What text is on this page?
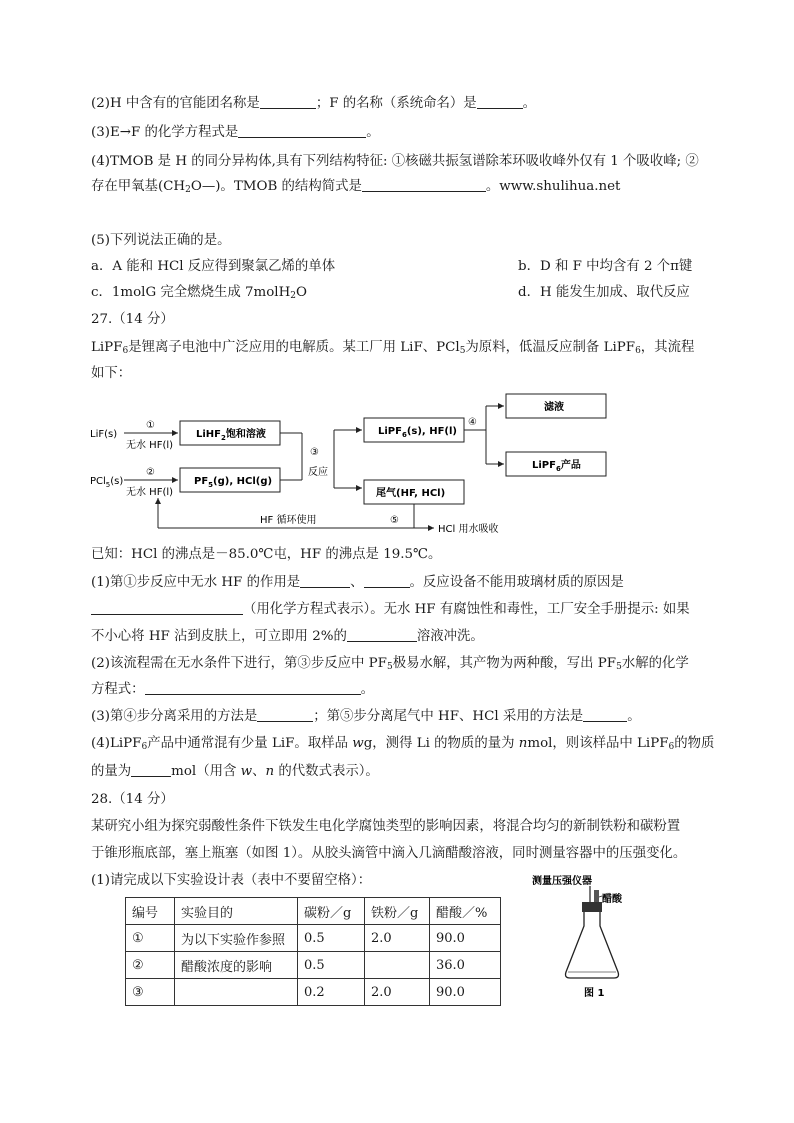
(2)H 中含有的官能团名称是	；F 的名称（系统命名）是	。
(3)E→F 的化学方程式是	。
(4)TMOB 是 H 的同分异构体,具有下列结构特征: ①核磁共振氢谱除苯环吸收峰外仅有 1 个吸收峰; ②
存在甲氧基$(CH_2O—)$。TMOB 的结构简式是	。www.shulihua.net
(5)下列说法正确的是。
a．A 能和 HCl 反应得到聚氯乙烯的单体	b．D 和 F 中均含有 2 个π键
c．1molG 完全燃烧生成 7molH$_2$O	d．H 能发生加成、取代反应
27.（14 分）
LiPF$_6$是锂离子电池中广泛应用的电解质。某工厂用 LiF、PCl$_5$为原料，低温反应制备 LiPF$_6$，其流程
如下：
LiF(s)
PCl$_5$(s)
①
无水 HF(l)
②
无水 HF(l)
LiHF$_2$饱和溶液
$PF_5(g)$, HCl(g)
③
反应
LiPF$_6$(s), HF(l)
尾气(HF, HCl)
④
滤液
LiPF$_6$产品
HF 循环使用	⑤
HCl 用水吸收
已知：HCl 的沸点是－85.0℃屯，HF 的沸点是 19.5℃。
(1)第①步反应中无水 HF 的作用是	、	。反应设备不能用玻璃材质的原因是
（用化学方程式表示）。无水 HF 有腐蚀性和毒性，工厂安全手册提示: 如果
不小心将 HF 沾到皮肤上，可立即用 2%的	溶液冲洗。
(2)该流程需在无水条件下进行，第③步反应中 $PF_5$极易水解，其产物为两种酸，写出 $PF_5$水解的化学
方程式：	。
(3)第④步分离采用的方法是	；第⑤步分离尾气中 HF、HCl 采用的方法是	。
(4)LiPF$_6$产品中通常混有少量 LiF。取样品 wg，测得 Li 的物质的量为 nmol，则该样品中 LiPF$_6$的物质
的量为	mol（用含 w、n 的代数式表示）。
28.（14 分）
某研究小组为探究弱酸性条件下铁发生电化学腐蚀类型的影响因素，将混合均匀的新制铁粉和碳粉置
于锥形瓶底部，塞上瓶塞（如图 1）。从胶头滴管中滴入几滴醋酸溶液，同时测量容器中的压强变化。
(1)请完成以下实验设计表（表中不要留空格）：
编号	实验目的	碳粉／g	铁粉／g	醋酸／%
①	为以下实验作参照	0.5	2.0	90.0
②	醋酸浓度的影响	0.5		36.0
③		0.2	2.0	90.0
测量压强仪器
醋酸
图 1
